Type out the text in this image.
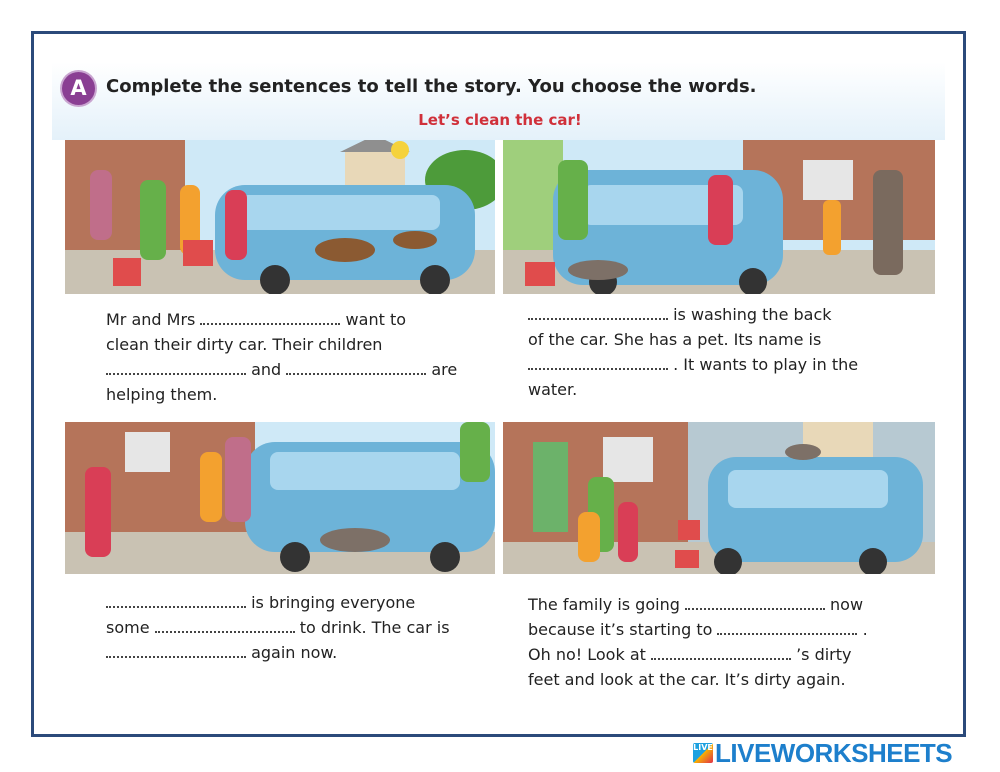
A	Complete the sentences to tell the story. You choose the words.
Let’s clean the car!
Mr and Mrs	want to
clean their dirty car. Their children
and	are
helping them.
is washing the back
of the car. She has a pet. Its name is
. It wants to play in the
water.
is bringing everyone
some	to drink. The car is
again now.
The family is going	now
because it’s starting to	.
Oh no! Look at	’s dirty
feet and look at the car. It’s dirty again.
LIVE LIVEWORKSHEETS
